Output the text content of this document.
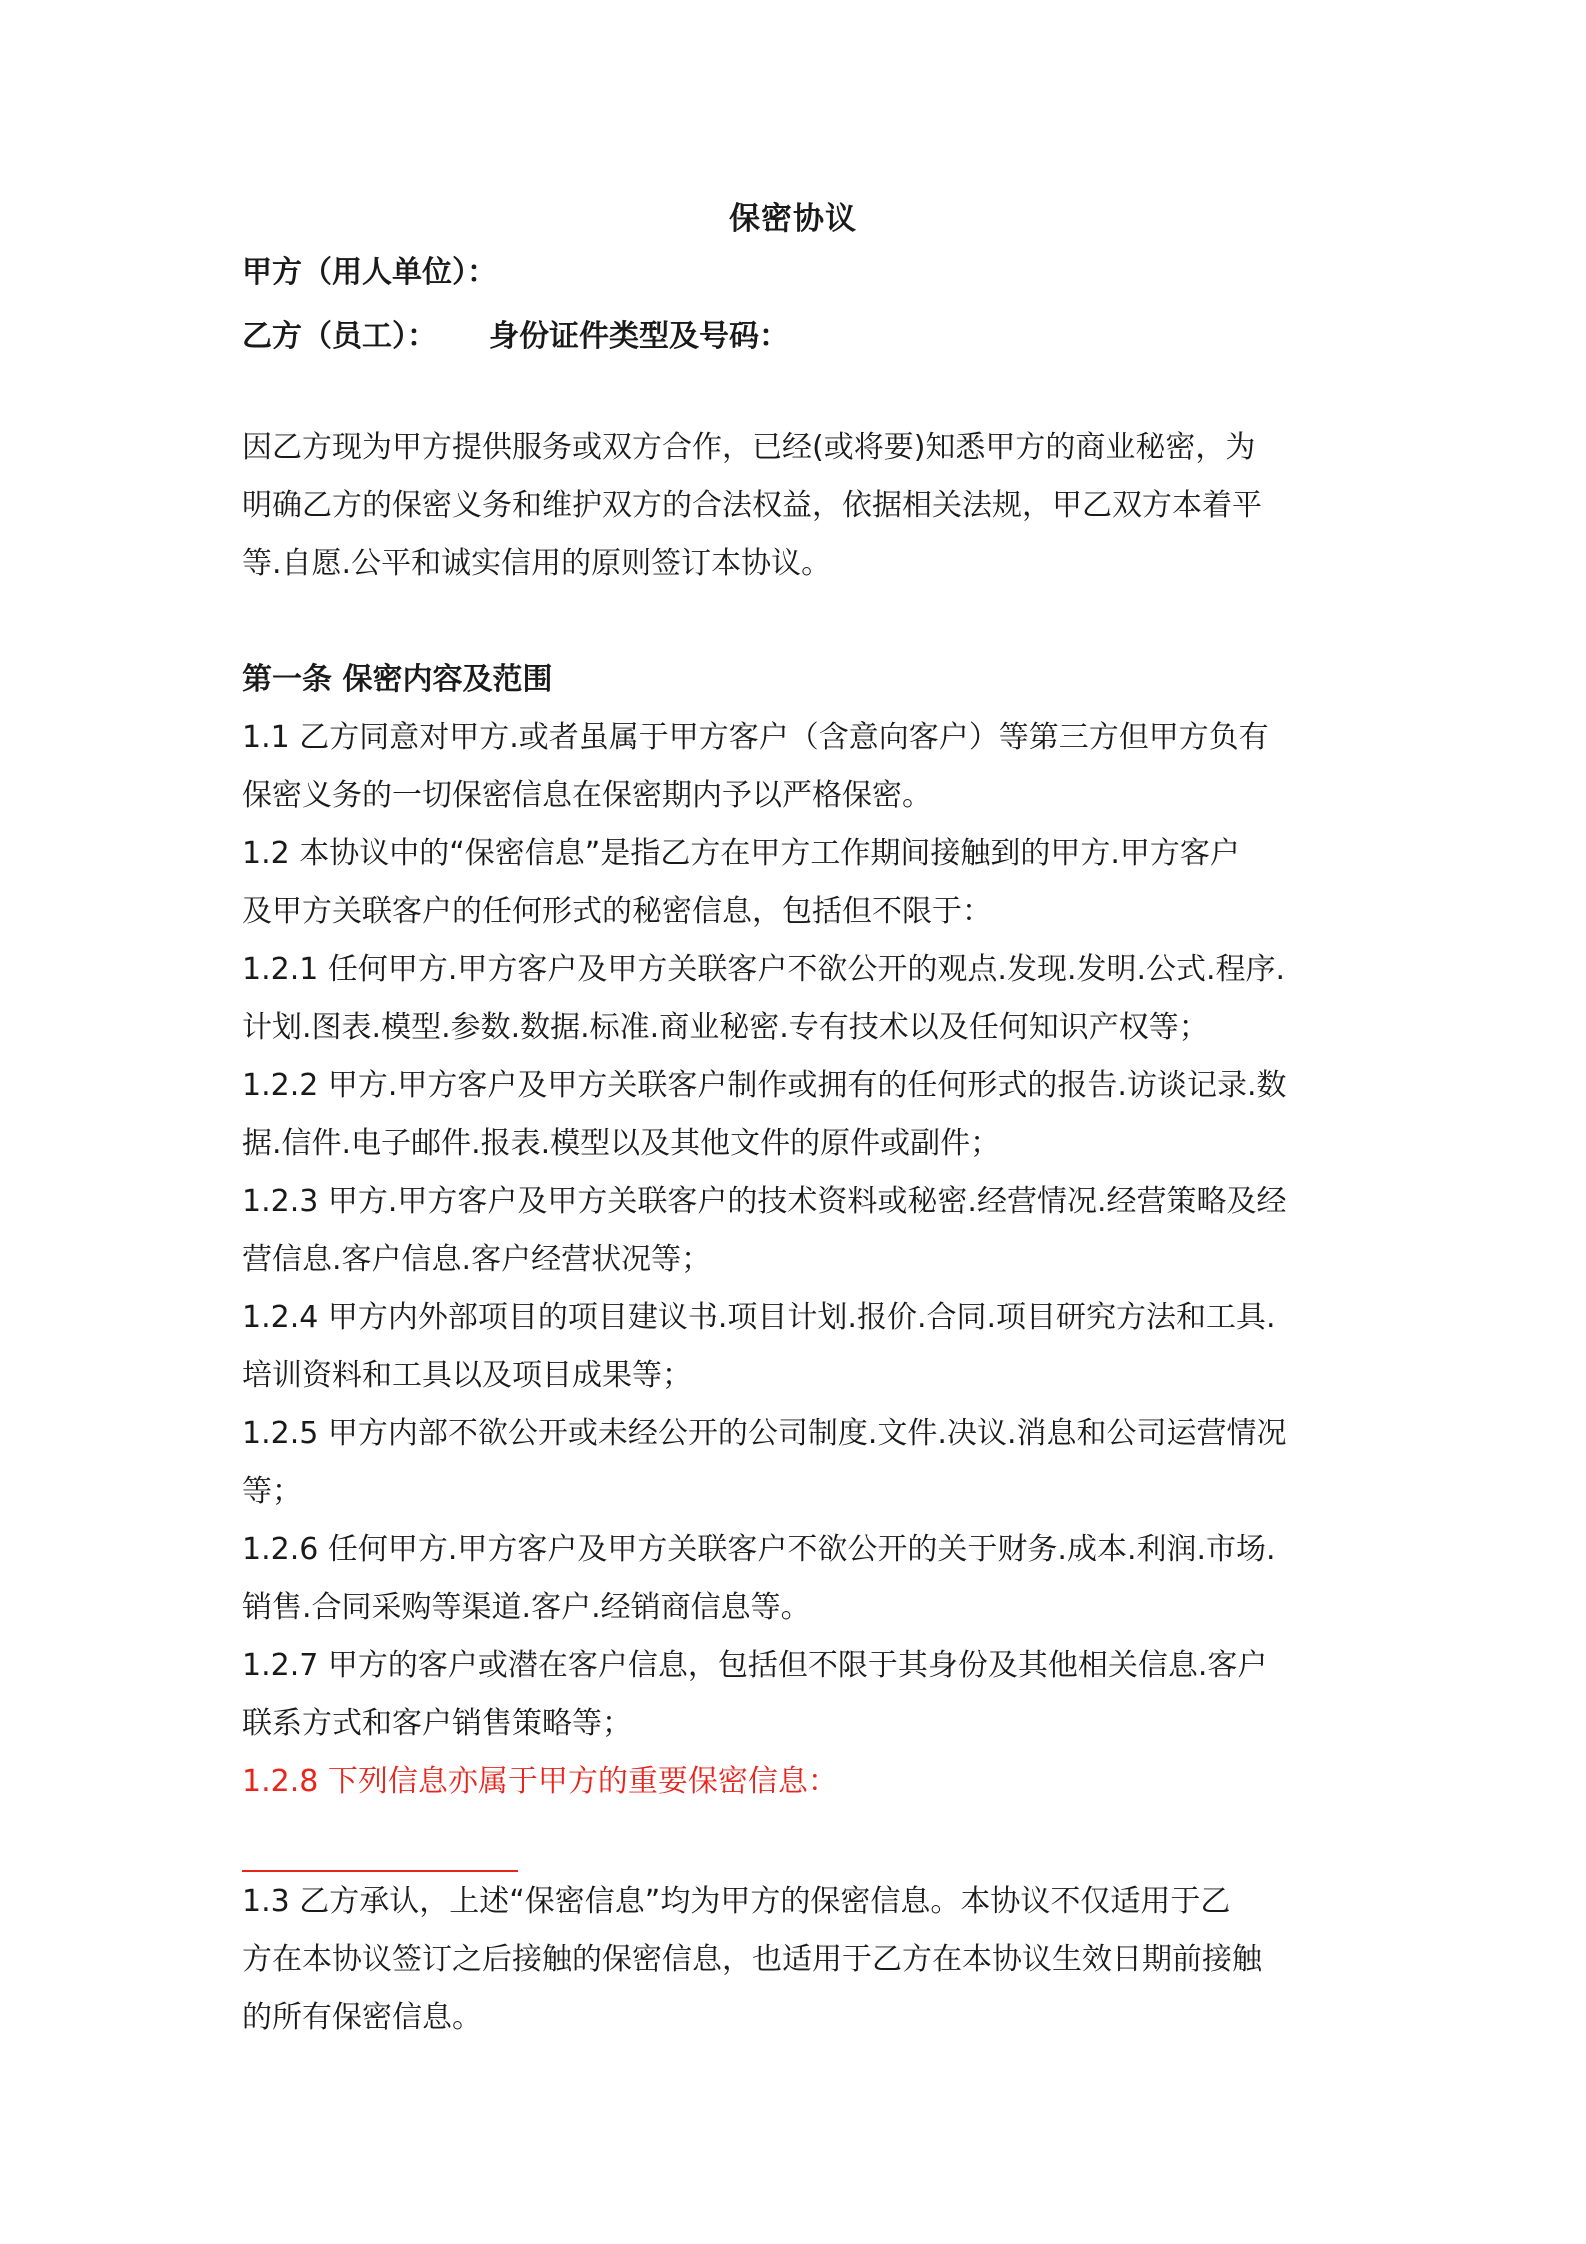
保密协议
甲方（用人单位）：
乙方（员工）： 身份证件类型及号码：
因乙方现为甲方提供服务或双方合作，已经(或将要)知悉甲方的商业秘密，为
明确乙方的保密义务和维护双方的合法权益，依据相关法规，甲乙双方本着平
等.自愿.公平和诚实信用的原则签订本协议。
第一条 保密内容及范围
1.1 乙方同意对甲方.或者虽属于甲方客户（含意向客户）等第三方但甲方负有
保密义务的一切保密信息在保密期内予以严格保密。
1.2 本协议中的“保密信息”是指乙方在甲方工作期间接触到的甲方.甲方客户
及甲方关联客户的任何形式的秘密信息，包括但不限于：
1.2.1 任何甲方.甲方客户及甲方关联客户不欲公开的观点.发现.发明.公式.程序.
计划.图表.模型.参数.数据.标准.商业秘密.专有技术以及任何知识产权等；
1.2.2 甲方.甲方客户及甲方关联客户制作或拥有的任何形式的报告.访谈记录.数
据.信件.电子邮件.报表.模型以及其他文件的原件或副件；
1.2.3 甲方.甲方客户及甲方关联客户的技术资料或秘密.经营情况.经营策略及经
营信息.客户信息.客户经营状况等；
1.2.4 甲方内外部项目的项目建议书.项目计划.报价.合同.项目研究方法和工具.
培训资料和工具以及项目成果等；
1.2.5 甲方内部不欲公开或未经公开的公司制度.文件.决议.消息和公司运营情况
等；
1.2.6 任何甲方.甲方客户及甲方关联客户不欲公开的关于财务.成本.利润.市场.
销售.合同采购等渠道.客户.经销商信息等。
1.2.7 甲方的客户或潜在客户信息，包括但不限于其身份及其他相关信息.客户
联系方式和客户销售策略等；
1.2.8 下列信息亦属于甲方的重要保密信息：
1.3 乙方承认，上述“保密信息”均为甲方的保密信息。本协议不仅适用于乙
方在本协议签订之后接触的保密信息，也适用于乙方在本协议生效日期前接触
的所有保密信息。
